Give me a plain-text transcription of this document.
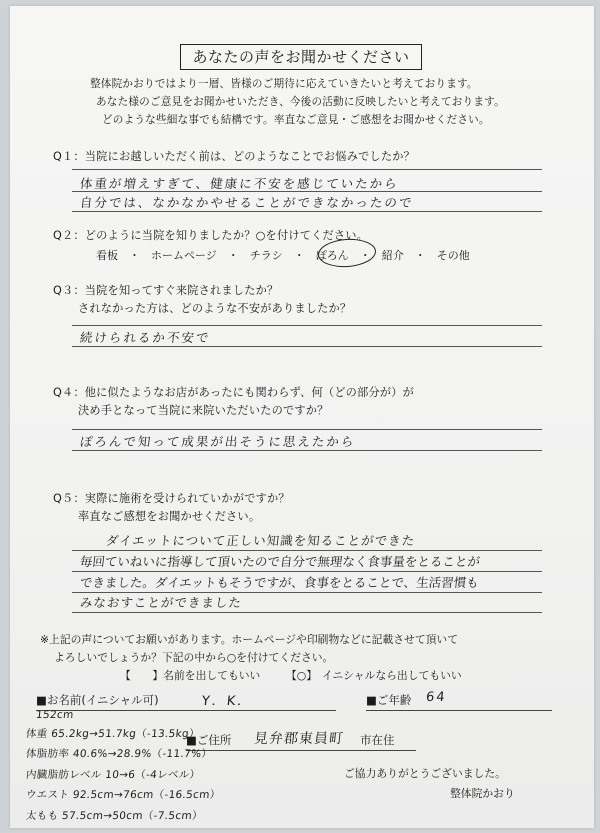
あなたの声をお聞かせください
整体院かおりではより一層、皆様のご期待に応えていきたいと考えております。
あなた様のご意見をお聞かせいただき、今後の活動に反映したいと考えております。
どのような些細な事でも結構です。率直なご意見・ご感想をお聞かせください。
Q１：当院にお越しいただく前は、どのようなことでお悩みでしたか？
体重が増えすぎて、健康に不安を感じていたから
自分では、なかなかやせることができなかったので
Q２：どのように当院を知りましたか？○を付けてください。
看板　・　ホームページ　・　チラシ　・　ぽろん　・　紹介　・　その他
Q３：当院を知ってすぐ来院されましたか？
されなかった方は、どのような不安がありましたか？
続けられるか不安で
Q４：他に似たようなお店があったにも関わらず、何（どの部分が）が
決め手となって当院に来院いただいたのですか？
ぽろんで知って成果が出そうに思えたから
Q５：実際に施術を受けられていかがですか？
率直なご感想をお聞かせください。
ダイエットについて正しい知識を知ることができた
毎回ていねいに指導して頂いたので自分で無理なく食事量をとることが
できました。ダイエットもそうですが、食事をとることで、生活習慣も
みなおすことができました
※上記の声についてお願いがあります。ホームページや印刷物などに記載させて頂いて
よろしいでしょうか？下記の中から○を付けてください。
【　　】名前を出してもいい 【○】 イニシャルなら出してもいい
■お名前(イニシャル可)	Y．K．	■ご年齢 64
■ご住所 見弁郡東員町 市在住
152cm
体重 65.2kg→51.7kg（-13.5kg）
体脂肪率 40.6%→28.9%（-11.7%）
内臓脂肪レベル 10→6（-4レベル）
ウエスト 92.5cm→76cm（-16.5cm）
太もも 57.5cm→50cm（-7.5cm）
ご協力ありがとうございました。
整体院かおり
